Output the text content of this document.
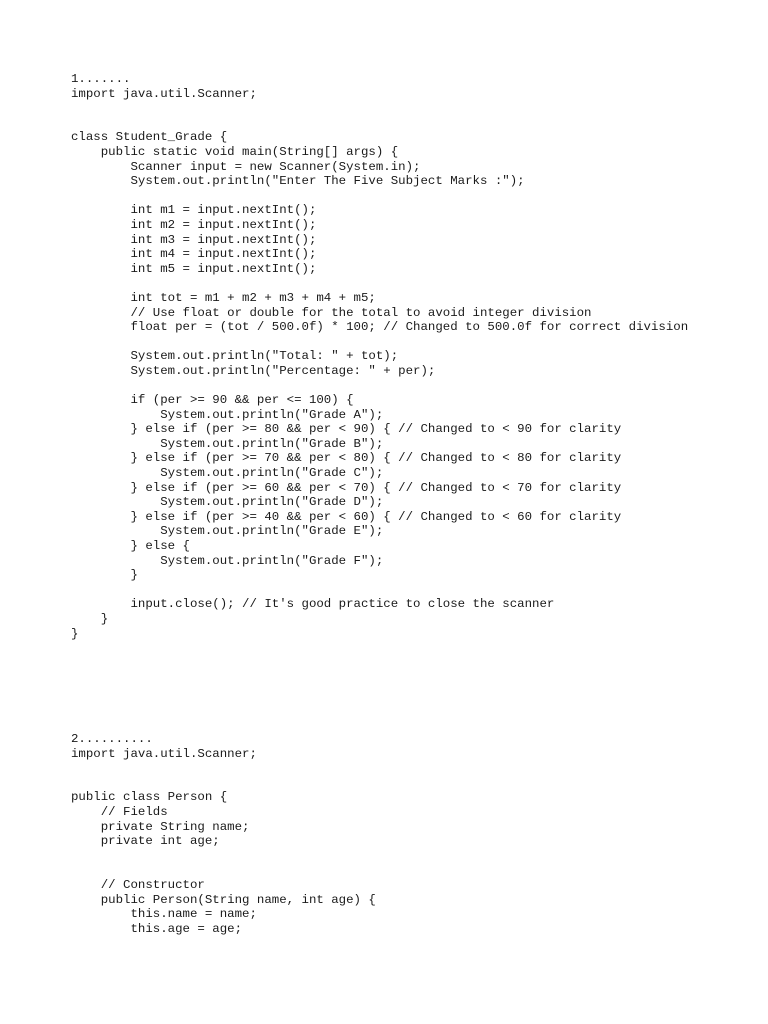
1.......
import java.util.Scanner;

class Student_Grade {
public static void main(String[] args) {
Scanner input = new Scanner(System.in);
System.out.println("Enter The Five Subject Marks :");

int m1 = input.nextInt();
int m2 = input.nextInt();
int m3 = input.nextInt();
int m4 = input.nextInt();
int m5 = input.nextInt();

int tot = m1 + m2 + m3 + m4 + m5;
// Use float or double for the total to avoid integer division
float per = (tot / 500.0f) * 100; // Changed to 500.0f for correct division

System.out.println("Total: " + tot);
System.out.println("Percentage: " + per);

if (per >= 90 && per <= 100) {
System.out.println("Grade A");
} else if (per >= 80 && per < 90) { // Changed to < 90 for clarity
System.out.println("Grade B");
} else if (per >= 70 && per < 80) { // Changed to < 80 for clarity
System.out.println("Grade C");
} else if (per >= 60 && per < 70) { // Changed to < 70 for clarity
System.out.println("Grade D");
} else if (per >= 40 && per < 60) { // Changed to < 60 for clarity
System.out.println("Grade E");
} else {
System.out.println("Grade F");
}

input.close(); // It's good practice to close the scanner
}
}
2..........
import java.util.Scanner;

public class Person {
// Fields
private String name;
private int age;

// Constructor
public Person(String name, int age) {
this.name = name;
this.age = age;
